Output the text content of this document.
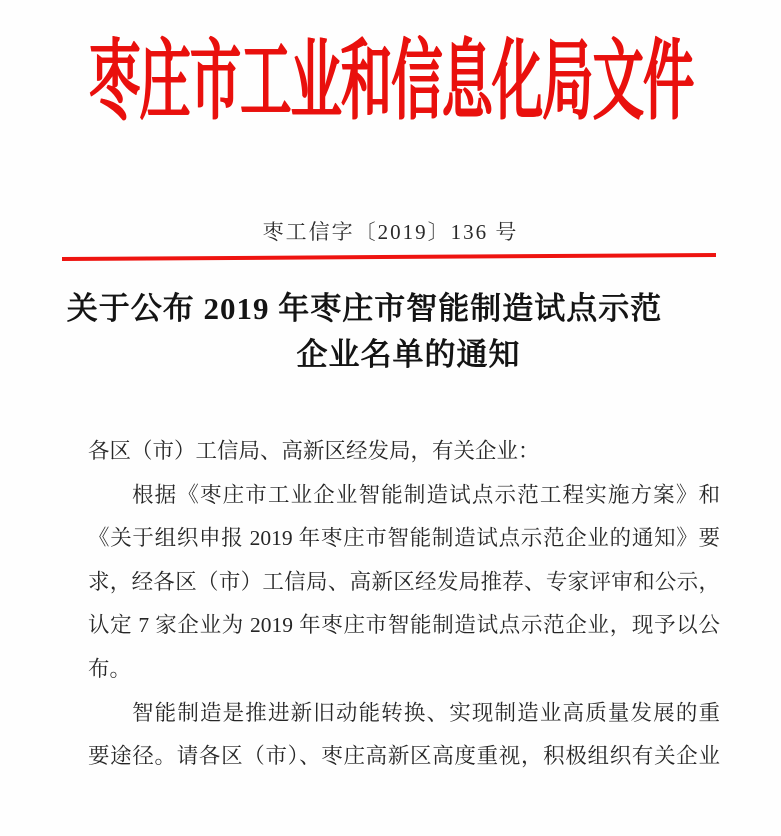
枣庄市工业和信息化局文件
枣工信字〔2019〕136 号
关于公布 2019 年枣庄市智能制造试点示范
企业名单的通知
各区（市）工信局、高新区经发局，有关企业：
根据《枣庄市工业企业智能制造试点示范工程实施方案》和
《关于组织申报 2019 年枣庄市智能制造试点示范企业的通知》要
求，经各区（市）工信局、高新区经发局推荐、专家评审和公示，
认定 7 家企业为 2019 年枣庄市智能制造试点示范企业，现予以公
布。
智能制造是推进新旧动能转换、实现制造业高质量发展的重
要途径。请各区（市）、枣庄高新区高度重视，积极组织有关企业
